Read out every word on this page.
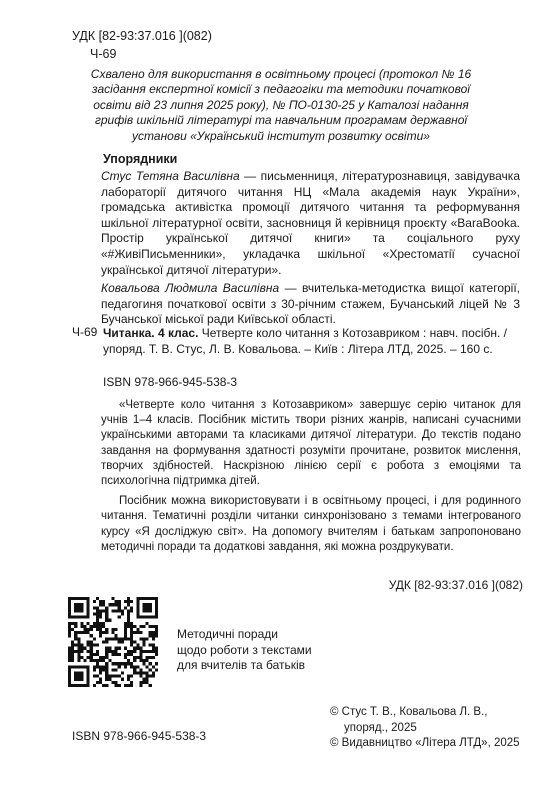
УДК [82-93:37.016 ](082)
Ч-69
Схвалено для використання в освітньому процесі (протокол № 16 засідання експертної комісії з педагогіки та методики початкової освіти від 23 липня 2025 року), № ПО-0130-25 у Каталозі надання грифів шкільній літературі та навчальним програмам державної установи «Український інститут розвитку освіти»
Упорядники

Стус Тетяна Василівна — письменниця, літературознавиця, завідувачка лабораторії дитячого читання НЦ «Мала академія наук України», громадська активістка промоції дитячого читання та реформування шкільної літературної освіти, засновниця й керівниця проєкту «ВаraBooka. Простір української дитячої книги» та соціального руху «#ЖивіПисьменники», укладачка шкільної «Хрестоматії сучасної української дитячої літератури».

Ковальова Людмила Василівна — вчителька-методистка вищої категорії, педагогиня початкової освіти з 30-річним стажем, Бучанський ліцей № 3 Бучанської міської ради Київської області.

Ч-69 Читанка. 4 клас. Четверте коло читання з Котозавриком : навч. посібн. / упоряд. Т. В. Стус, Л. В. Ковальова. – Київ : Літера ЛТД, 2025. – 160 с.
ISBN 978-966-945-538-3

«Четверте коло читання з Котозавриком» завершує серію читанок для учнів 1–4 класів. Посібник містить твори різних жанрів, написані сучасними українськими авторами та класиками дитячої літератури. До текстів подано завдання на формування здатності розуміти прочитане, розвиток мислення, творчих здібностей. Наскрізною лінією серії є робота з емоціями та психологічна підтримка дітей.

Посібник можна використовувати і в освітньому процесі, і для родинного читання. Тематичні розділи читанки синхронізовано з темами інтегрованого курсу «Я досліджую світ». На допомогу вчителям і батькам запропоновано методичні поради та додаткові завдання, які можна роздрукувати.

УДК [82-93:37.016 ](082)
Методичні поради
щодо роботи з текстами
для вчителів та батьків
© Стус Т. В., Ковальова Л. В., упоряд., 2025
© Видавництво «Літера ЛТД», 2025
ISBN 978-966-945-538-3
